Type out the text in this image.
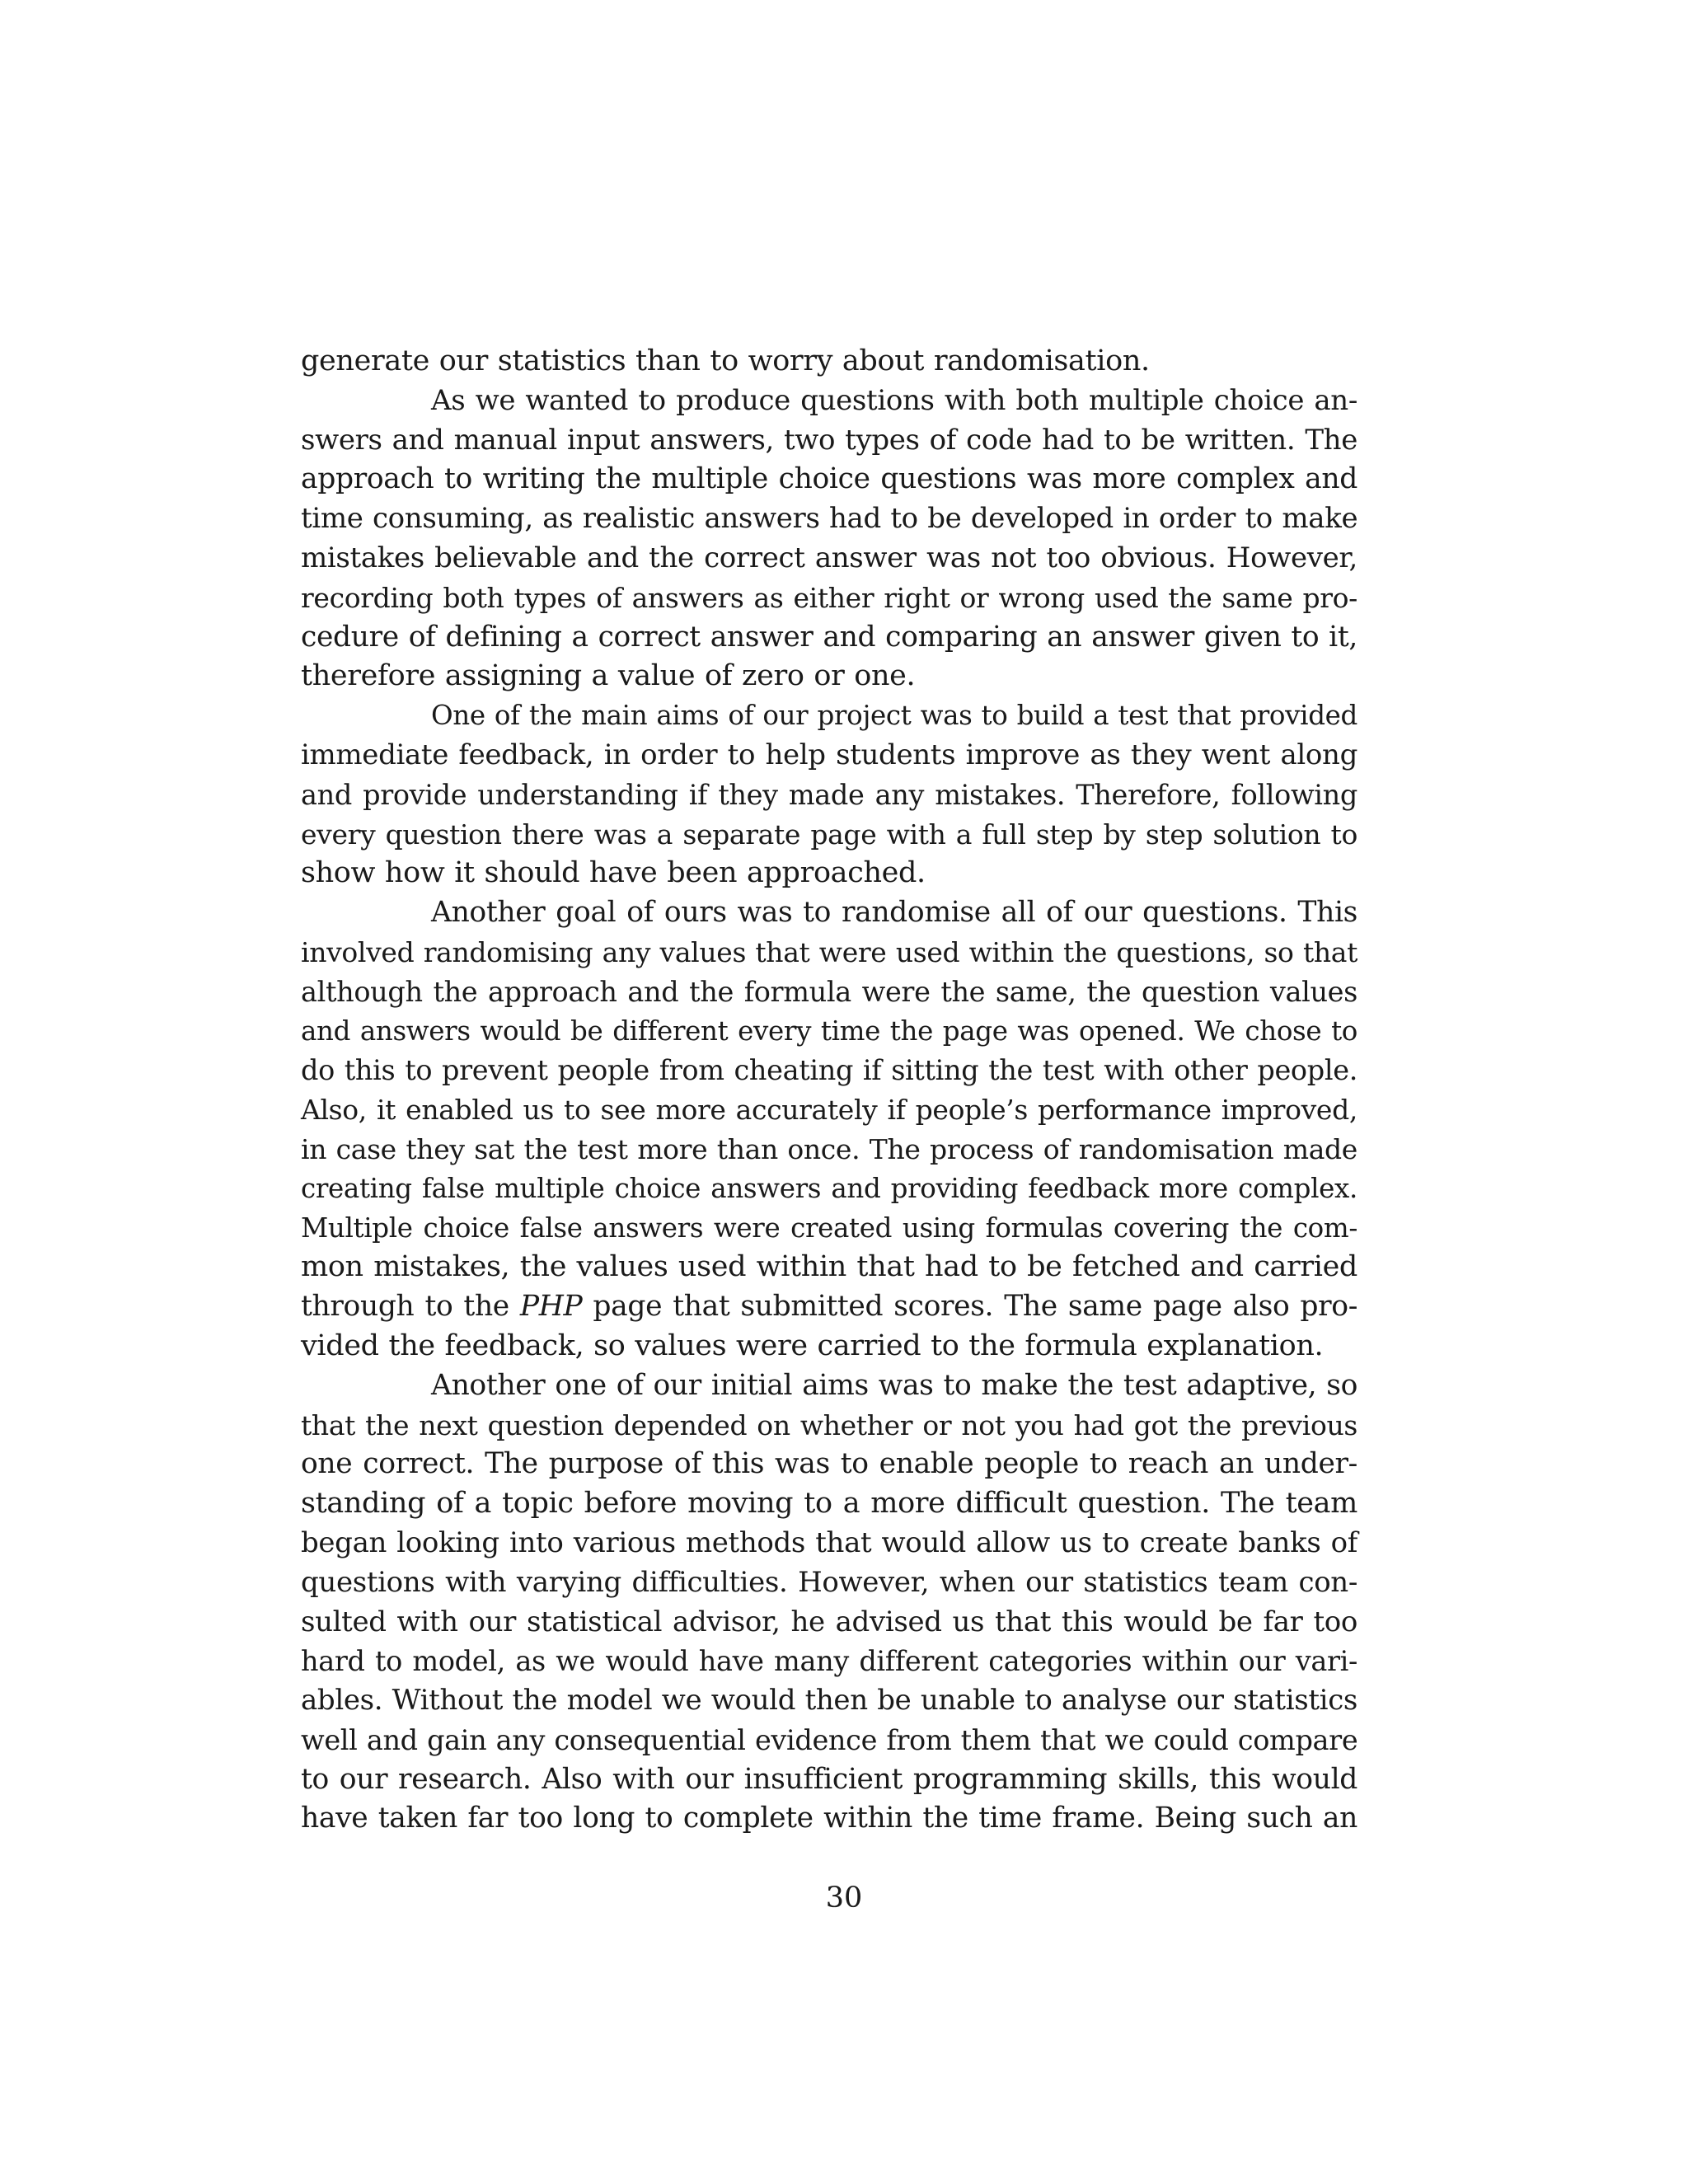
generate our statistics than to worry about randomisation.
As we wanted to produce questions with both multiple choice an-
swers and manual input answers, two types of code had to be written. The
approach to writing the multiple choice questions was more complex and
time consuming, as realistic answers had to be developed in order to make
mistakes believable and the correct answer was not too obvious. However,
recording both types of answers as either right or wrong used the same pro-
cedure of defining a correct answer and comparing an answer given to it,
therefore assigning a value of zero or one.
One of the main aims of our project was to build a test that provided
immediate feedback, in order to help students improve as they went along
and provide understanding if they made any mistakes. Therefore, following
every question there was a separate page with a full step by step solution to
show how it should have been approached.
Another goal of ours was to randomise all of our questions. This
involved randomising any values that were used within the questions, so that
although the approach and the formula were the same, the question values
and answers would be different every time the page was opened. We chose to
do this to prevent people from cheating if sitting the test with other people.
Also, it enabled us to see more accurately if people’s performance improved,
in case they sat the test more than once. The process of randomisation made
creating false multiple choice answers and providing feedback more complex.
Multiple choice false answers were created using formulas covering the com-
mon mistakes, the values used within that had to be fetched and carried
through to the PHP page that submitted scores. The same page also pro-
vided the feedback, so values were carried to the formula explanation.
Another one of our initial aims was to make the test adaptive, so
that the next question depended on whether or not you had got the previous
one correct. The purpose of this was to enable people to reach an under-
standing of a topic before moving to a more difficult question. The team
began looking into various methods that would allow us to create banks of
questions with varying difficulties. However, when our statistics team con-
sulted with our statistical advisor, he advised us that this would be far too
hard to model, as we would have many different categories within our vari-
ables. Without the model we would then be unable to analyse our statistics
well and gain any consequential evidence from them that we could compare
to our research. Also with our insufficient programming skills, this would
have taken far too long to complete within the time frame. Being such an
30
